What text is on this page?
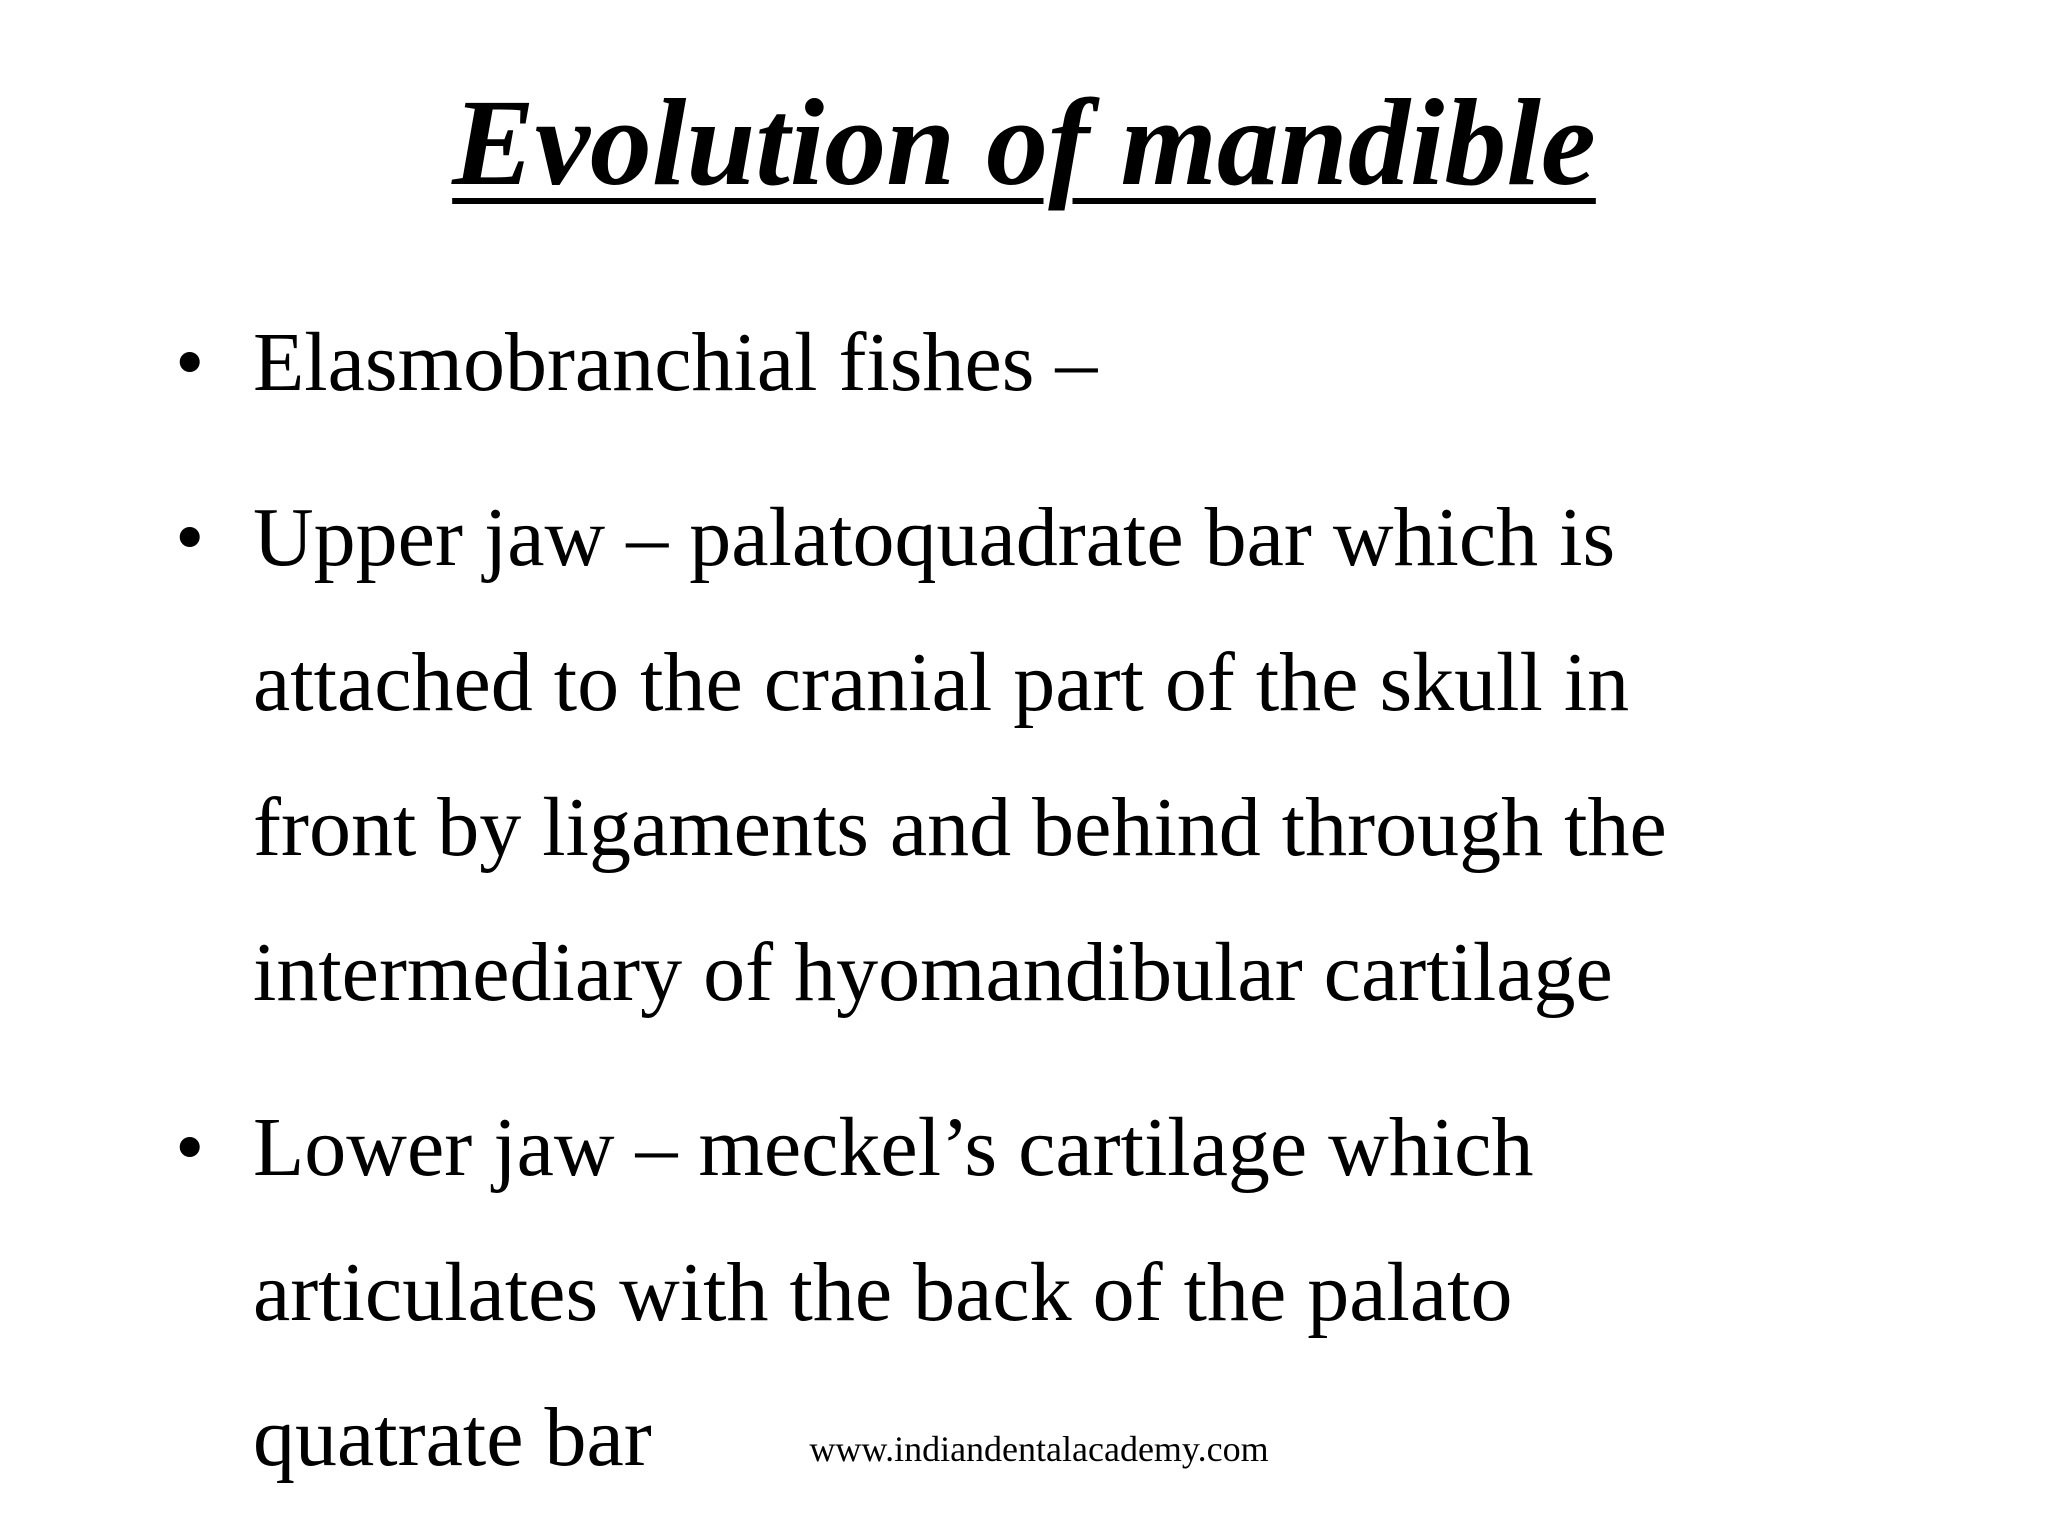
Evolution of mandible
• Elasmobranchial fishes –
• Upper jaw – palatoquadrate bar which is
attached to the cranial part of the skull in
front by ligaments and behind through the
intermediary of hyomandibular cartilage
• Lower jaw – meckel’s cartilage which
articulates with the back of the palato
quatrate bar	www.indiandentalacademy.com
